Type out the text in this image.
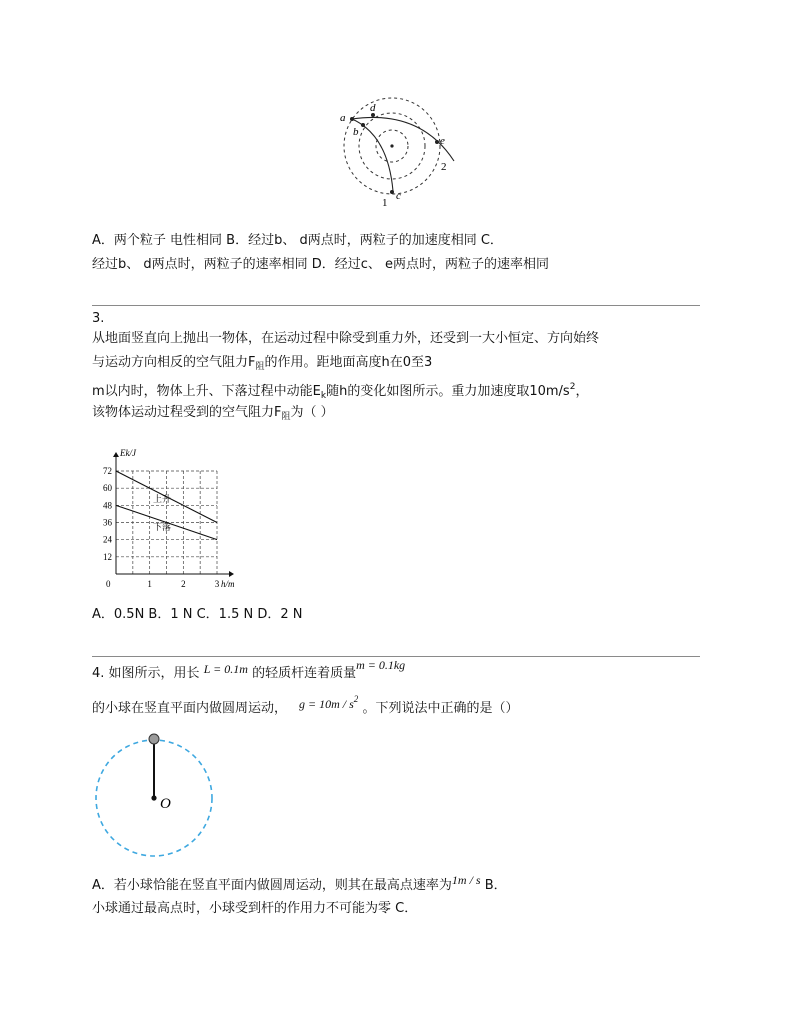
a
b
d
c
e
1
2
A．两个粒子 电性相同 B．经过b、 d两点时，两粒子的加速度相同 C．
经过b、 d两点时，两粒子的速率相同 D．经过c、 e两点时，两粒子的速率相同
3.
从地面竖直向上抛出一物体，在运动过程中除受到重力外，还受到一大小恒定、方向始终
与运动方向相反的空气阻力$F_阻$的作用。距地面高度h在0至3
m以内时，物体上升、下落过程中动能$E_k$随h的变化如图所示。重力加速度取$10m/s^2$，
该物体运动过程受到的空气阻力$F_阻$为（ ）
72
60
48
36
24
12
1	2	3
Ek/J
h/m
0
上升
下落
A．0.5N B．1 N C．1.5 N D．2 N
4. 如图所示，用长 L = 0.1m 的轻质杆连着质量m = 0.1kg
的小球在竖直平面内做圆周运动， $g = 10m / s^2$ 。下列说法中正确的是（）
O
A．若小球恰能在竖直平面内做圆周运动，则其在最高点速率为1m / s B．
小球通过最高点时，小球受到杆的作用力不可能为零 C．
